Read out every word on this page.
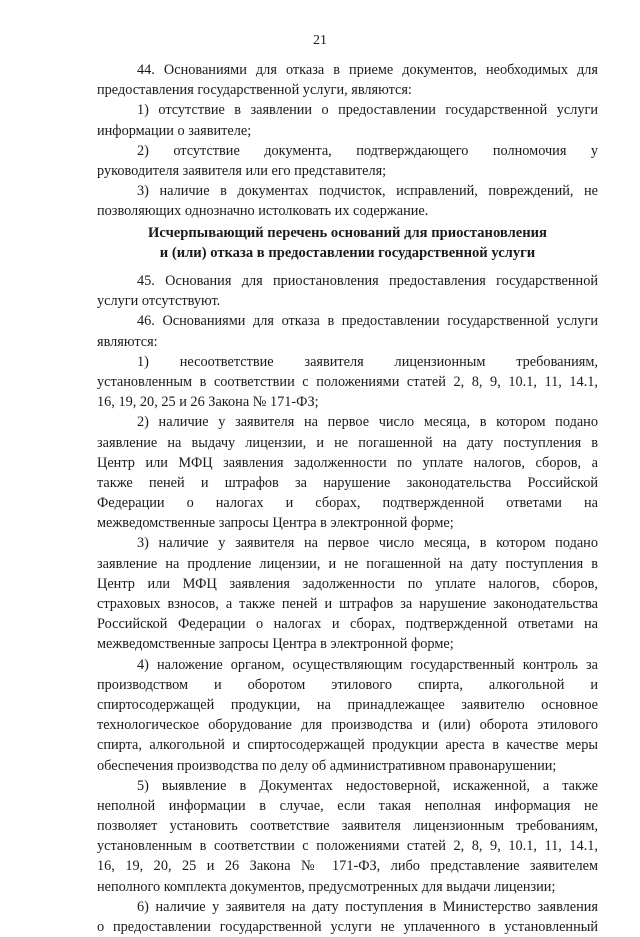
21
44. Основаниями для отказа в приеме документов, необходимых для
предоставления государственной услуги, являются:
1) отсутствие в заявлении о предоставлении государственной услуги
информации о заявителе;
2) отсутствие документа, подтверждающего полномочия у
руководителя заявителя или его представителя;
3) наличие в документах подчисток, исправлений, повреждений, не
позволяющих однозначно истолковать их содержание.
Исчерпывающий перечень оснований для приостановления
и (или) отказа в предоставлении государственной услуги
45. Основания для приостановления предоставления государственной
услуги отсутствуют.
46. Основаниями для отказа в предоставлении государственной услуги
являются:
1) несоответствие заявителя лицензионным требованиям,
установленным в соответствии с положениями статей 2, 8, 9, 10.1, 11, 14.1,
16, 19, 20, 25 и 26 Закона № 171-ФЗ;
2) наличие у заявителя на первое число месяца, в котором подано
заявление на выдачу лицензии, и не погашенной на дату поступления в
Центр или МФЦ заявления задолженности по уплате налогов, сборов, а
также пеней и штрафов за нарушение законодательства Российской
Федерации о налогах и сборах, подтвержденной ответами на
межведомственные запросы Центра в электронной форме;
3) наличие у заявителя на первое число месяца, в котором подано
заявление на продление лицензии, и не погашенной на дату поступления в
Центр или МФЦ заявления задолженности по уплате налогов, сборов,
страховых взносов, а также пеней и штрафов за нарушение законодательства
Российской Федерации о налогах и сборах, подтвержденной ответами на
межведомственные запросы Центра в электронной форме;
4) наложение органом, осуществляющим государственный контроль за
производством и оборотом этилового спирта, алкогольной и
спиртосодержащей продукции, на принадлежащее заявителю основное
технологическое оборудование для производства и (или) оборота этилового
спирта, алкогольной и спиртосодержащей продукции ареста в качестве меры
обеспечения производства по делу об административном правонарушении;
5) выявление в Документах недостоверной, искаженной, а также
неполной информации в случае, если такая неполная информация не
позволяет установить соответствие заявителя лицензионным требованиям,
установленным в соответствии с положениями статей 2, 8, 9, 10.1, 11, 14.1,
16, 19, 20, 25 и 26 Закона № 171-ФЗ, либо представление заявителем
неполного комплекта документов, предусмотренных для выдачи лицензии;
6) наличие у заявителя на дату поступления в Министерство заявления
о предоставлении государственной услуги не уплаченного в установленный
